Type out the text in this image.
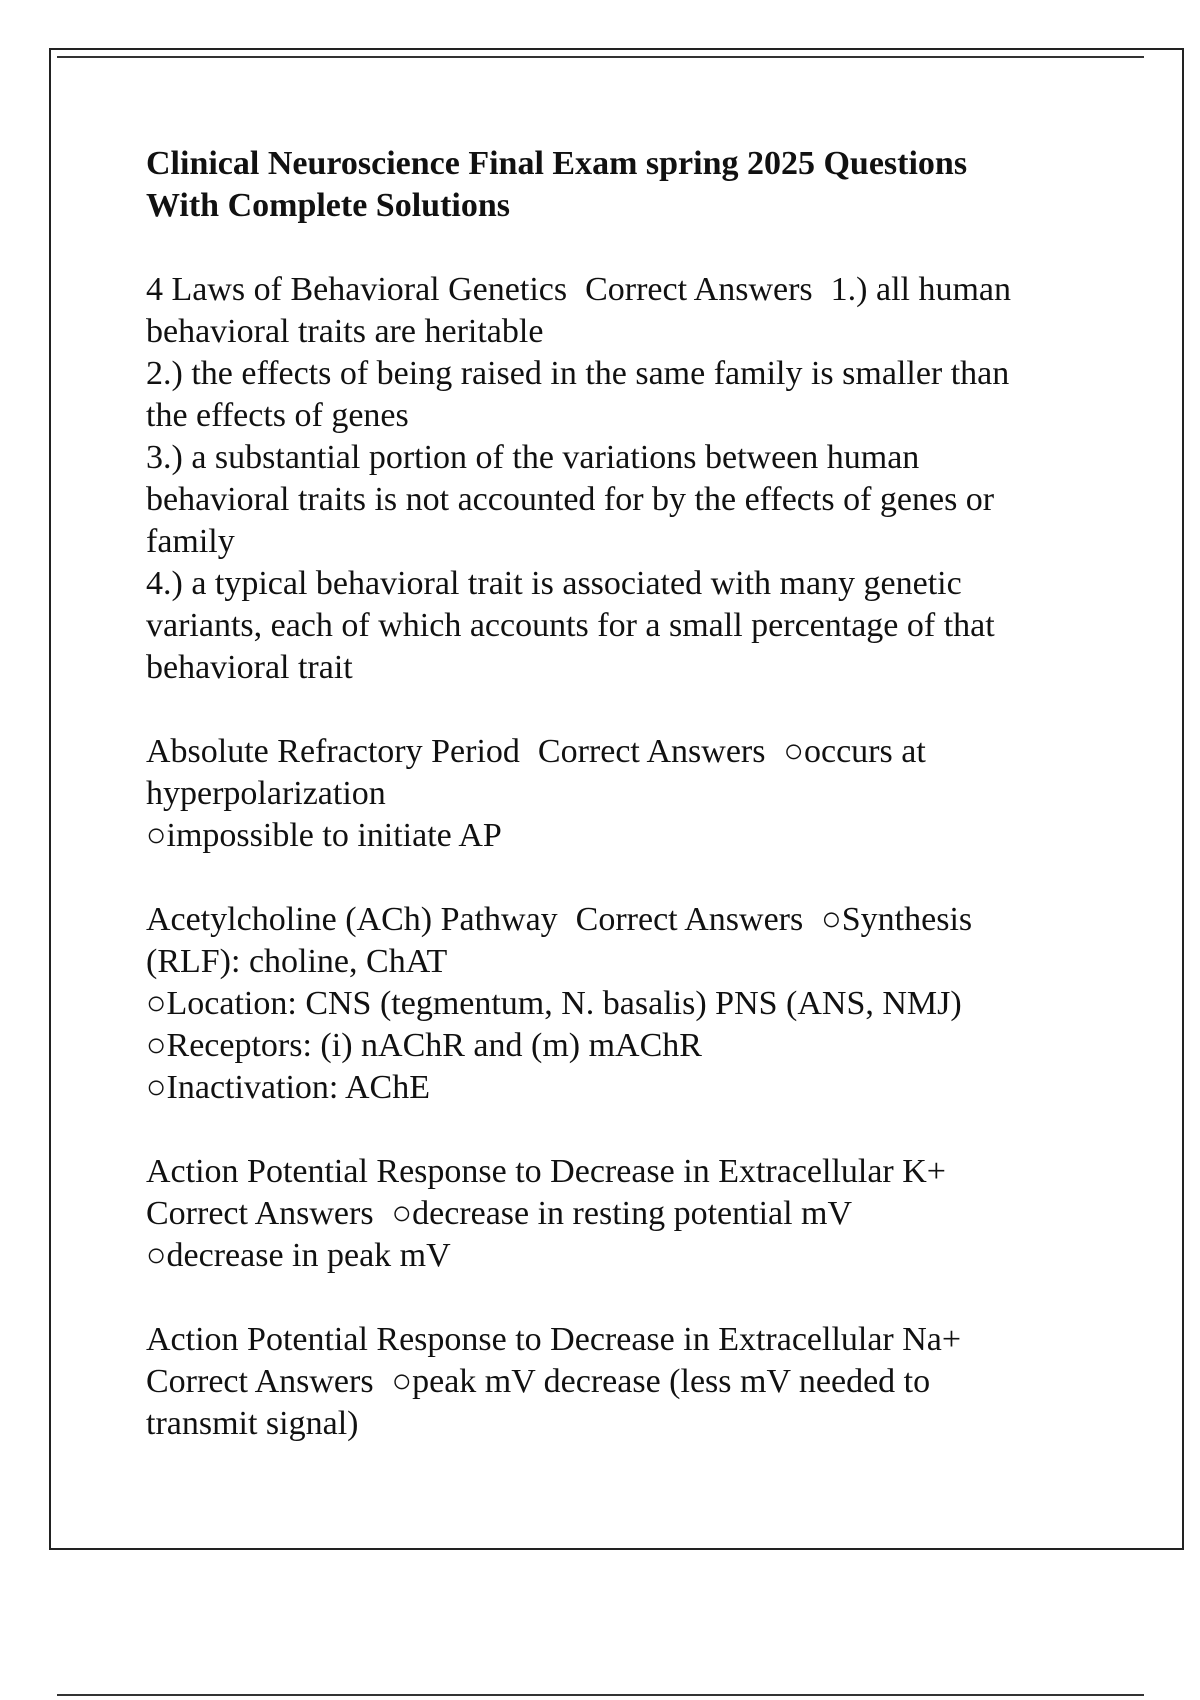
Clinical Neuroscience Final Exam spring 2025 Questions
With Complete Solutions
4 Laws of Behavioral Genetics Correct Answers 1.) all human
behavioral traits are heritable
2.) the effects of being raised in the same family is smaller than
the effects of genes
3.) a substantial portion of the variations between human
behavioral traits is not accounted for by the effects of genes or
family
4.) a typical behavioral trait is associated with many genetic
variants, each of which accounts for a small percentage of that
behavioral trait
Absolute Refractory Period Correct Answers ○occurs at
hyperpolarization
○impossible to initiate AP
Acetylcholine (ACh) Pathway Correct Answers ○Synthesis
(RLF): choline, ChAT
○Location: CNS (tegmentum, N. basalis) PNS (ANS, NMJ)
○Receptors: (i) nAChR and (m) mAChR
○Inactivation: AChE
Action Potential Response to Decrease in Extracellular K+
Correct Answers ○decrease in resting potential mV
○decrease in peak mV
Action Potential Response to Decrease in Extracellular Na+
Correct Answers ○peak mV decrease (less mV needed to
transmit signal)
